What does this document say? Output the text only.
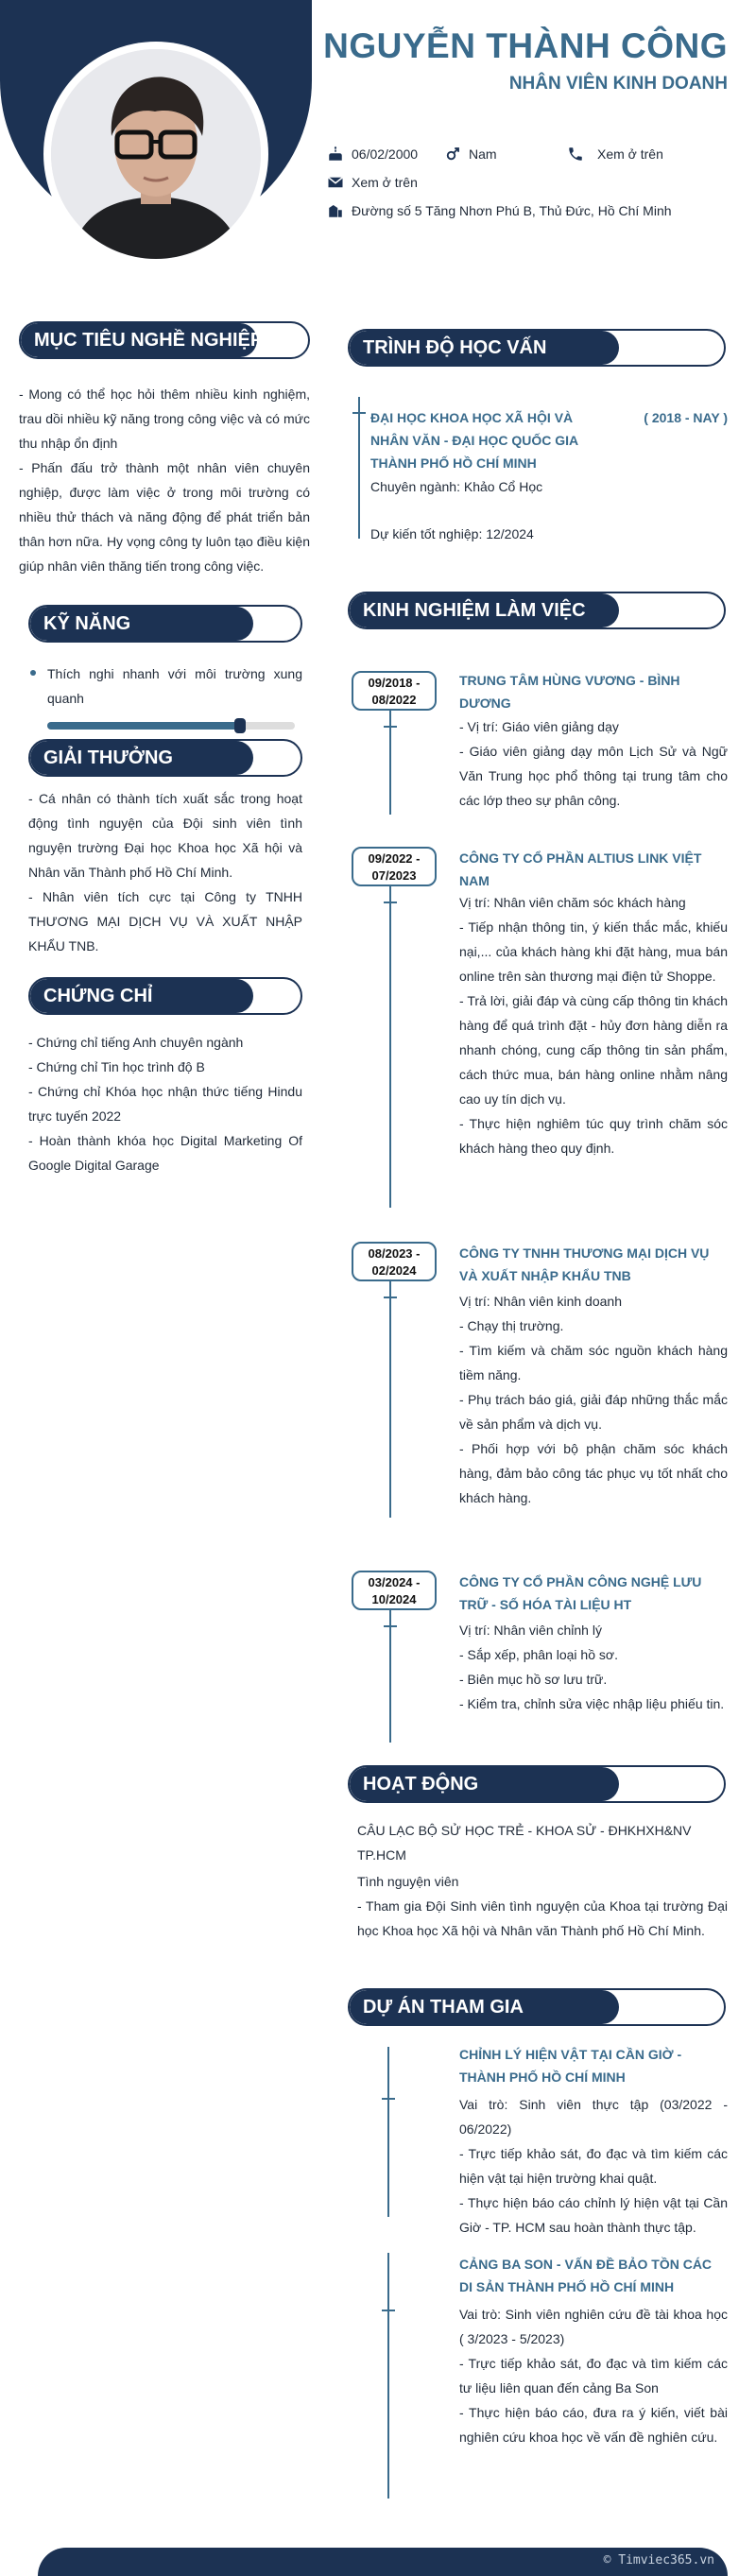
NGUYỄN THÀNH CÔNG
NHÂN VIÊN KINH DOANH
06/02/2000	Nam	Xem ở trên
Xem ở trên
Đường số 5 Tăng Nhơn Phú B, Thủ Đức, Hồ Chí Minh
MỤC TIÊU NGHỀ NGHIỆP
- Mong có thể học hỏi thêm nhiều kinh nghiệm, trau dồi nhiều kỹ năng trong công việc và có mức thu nhập ổn định
- Phấn đấu trở thành một nhân viên chuyên nghiệp, được làm việc ở trong môi trường có nhiều thử thách và năng động để phát triển bản thân hơn nữa. Hy vọng công ty luôn tạo điều kiện giúp nhân viên thăng tiến trong công việc.
KỸ NĂNG
Thích nghi nhanh với môi trường xung quanh
GIẢI THƯỞNG
- Cá nhân có thành tích xuất sắc trong hoạt động tình nguyện của Đội sinh viên tình nguyện trường Đại học Khoa học Xã hội và Nhân văn Thành phố Hồ Chí Minh.
- Nhân viên tích cực tại Công ty TNHH THƯƠNG MẠI DỊCH VỤ VÀ XUẤT NHẬP KHẨU TNB.
CHỨNG CHỈ
- Chứng chỉ tiếng Anh chuyên ngành
- Chứng chỉ Tin học trình độ B
- Chứng chỉ Khóa học nhận thức tiếng Hindu trực tuyến 2022
- Hoàn thành khóa học Digital Marketing Of Google Digital Garage
TRÌNH ĐỘ HỌC VẤN
ĐẠI HỌC KHOA HỌC XÃ HỘI VÀ NHÂN VĂN - ĐẠI HỌC QUỐC GIA THÀNH PHỐ HỒ CHÍ MINH
( 2018 - NAY )
Chuyên ngành: Khảo Cổ Học
Dự kiến tốt nghiệp: 12/2024
KINH NGHIỆM LÀM VIỆC
09/2018 -
08/2022
TRUNG TÂM HÙNG VƯƠNG - BÌNH DƯƠNG
- Vị trí: Giáo viên giảng dạy
- Giáo viên giảng dạy môn Lịch Sử và Ngữ Văn Trung học phổ thông tại trung tâm cho các lớp theo sự phân công.
09/2022 -
07/2023
CÔNG TY CỔ PHẦN ALTIUS LINK VIỆT NAM
Vị trí: Nhân viên chăm sóc khách hàng
- Tiếp nhận thông tin, ý kiến thắc mắc, khiếu nại,... của khách hàng khi đặt hàng, mua bán online trên sàn thương mại điện tử Shoppe.
- Trả lời, giải đáp và cùng cấp thông tin khách hàng để quá trình đặt - hủy đơn hàng diễn ra nhanh chóng, cung cấp thông tin sản phẩm, cách thức mua, bán hàng online nhằm nâng cao uy tín dịch vụ.
- Thực hiện nghiêm túc quy trình chăm sóc khách hàng theo quy định.
08/2023 -
02/2024
CÔNG TY TNHH THƯƠNG MẠI DỊCH VỤ VÀ XUẤT NHẬP KHẨU TNB
Vị trí: Nhân viên kinh doanh
- Chạy thị trường.
- Tìm kiếm và chăm sóc nguồn khách hàng tiềm năng.
- Phụ trách báo giá, giải đáp những thắc mắc về sản phẩm và dịch vụ.
- Phối hợp với bộ phận chăm sóc khách hàng, đảm bảo công tác phục vụ tốt nhất cho khách hàng.
03/2024 -
10/2024
CÔNG TY CỔ PHẦN CÔNG NGHỆ LƯU TRỮ - SỐ HÓA TÀI LIỆU HT
Vị trí: Nhân viên chỉnh lý
- Sắp xếp, phân loại hồ sơ.
- Biên mục hồ sơ lưu trữ.
- Kiểm tra, chỉnh sửa việc nhập liệu phiếu tin.
HOẠT ĐỘNG
CÂU LẠC BỘ SỬ HỌC TRẺ - KHOA SỬ - ĐHKHXH&NV TP.HCM
Tình nguyện viên
- Tham gia Đội Sinh viên tình nguyện của Khoa tại trường Đại học Khoa học Xã hội và Nhân văn Thành phố Hồ Chí Minh.
DỰ ÁN THAM GIA
CHỈNH LÝ HIỆN VẬT TẠI CẦN GIỜ - THÀNH PHỐ HỒ CHÍ MINH
Vai trò: Sinh viên thực tập (03/2022 - 06/2022)
- Trực tiếp khảo sát, đo đạc và tìm kiếm các hiện vật tại hiện trường khai quật.
- Thực hiện báo cáo chỉnh lý hiện vật tại Cần Giờ - TP. HCM sau hoàn thành thực tập.
CẢNG BA SON - VẤN ĐỀ BẢO TỒN CÁC DI SẢN THÀNH PHỐ HỒ CHÍ MINH
Vai trò: Sinh viên nghiên cứu đề tài khoa học ( 3/2023 - 5/2023)
- Trực tiếp khảo sát, đo đạc và tìm kiếm các tư liệu liên quan đến cảng Ba Son
- Thực hiện báo cáo, đưa ra ý kiến, viết bài nghiên cứu khoa học về vấn đề nghiên cứu.
© Timviec365.vn
